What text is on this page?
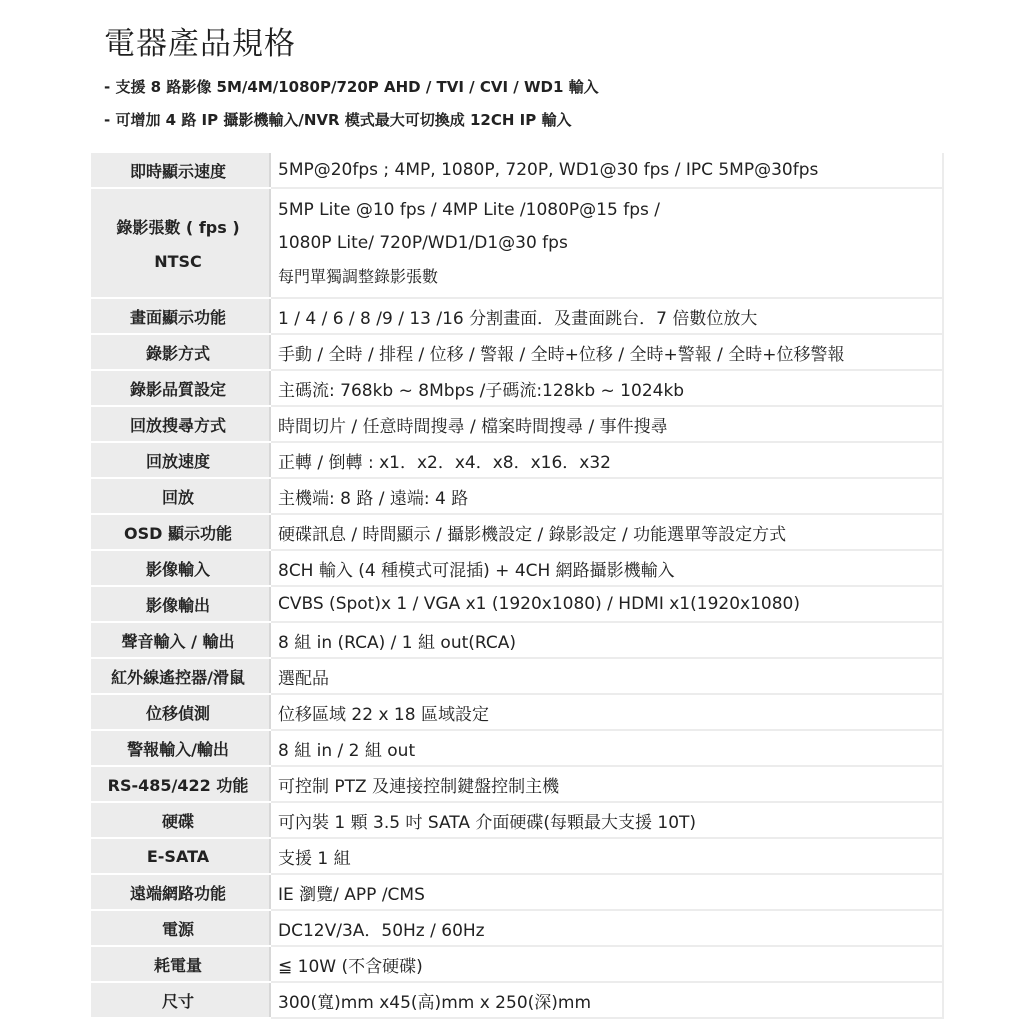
電器產品規格
- 支援 8 路影像 5M/4M/1080P/720P AHD / TVI / CVI / WD1 輸入
- 可增加 4 路 IP 攝影機輸入/NVR 模式最大可切換成 12CH IP 輸入
即時顯示速度	5MP@20fps ; 4MP, 1080P, 720P, WD1@30 fps / IPC 5MP@30fps

錄影張數 ( fps )
NTSC	5MP Lite @10 fps / 4MP Lite /1080P@15 fps /
1080P Lite/ 720P/WD1/D1@30 fps
每門單獨調整錄影張數

畫面顯示功能	1 / 4 / 6 / 8 /9 / 13 /16 分割畫面．及畫面跳台．7 倍數位放大

錄影方式	手動 / 全時 / 排程 / 位移 / 警報 / 全時+位移 / 全時+警報 / 全時+位移警報

錄影品質設定	主碼流: 768kb ~ 8Mbps /子碼流:128kb ~ 1024kb

回放搜尋方式	時間切片 / 任意時間搜尋 / 檔案時間搜尋 / 事件搜尋

回放速度	正轉 / 倒轉 : x1．x2．x4．x8．x16．x32

回放	主機端: 8 路 / 遠端: 4 路

OSD 顯示功能	硬碟訊息 / 時間顯示 / 攝影機設定 / 錄影設定 / 功能選單等設定方式

影像輸入	8CH 輸入 (4 種模式可混插) + 4CH 網路攝影機輸入

影像輸出	CVBS (Spot)x 1 / VGA x1 (1920x1080) / HDMI x1(1920x1080)

聲音輸入 / 輸出	8 組 in (RCA) / 1 組 out(RCA)

紅外線遙控器/滑鼠	選配品

位移偵測	位移區域 22 x 18 區域設定

警報輸入/輸出	8 組 in / 2 組 out

RS-485/422 功能	可控制 PTZ 及連接控制鍵盤控制主機

硬碟	可內裝 1 顆 3.5 吋 SATA 介面硬碟(每顆最大支援 10T)

E-SATA	支援 1 組

遠端網路功能	IE 瀏覽/ APP /CMS

電源	DC12V/3A．50Hz / 60Hz

耗電量	≦ 10W (不含硬碟)

尺寸	300(寬)mm x45(高)mm x 250(深)mm
